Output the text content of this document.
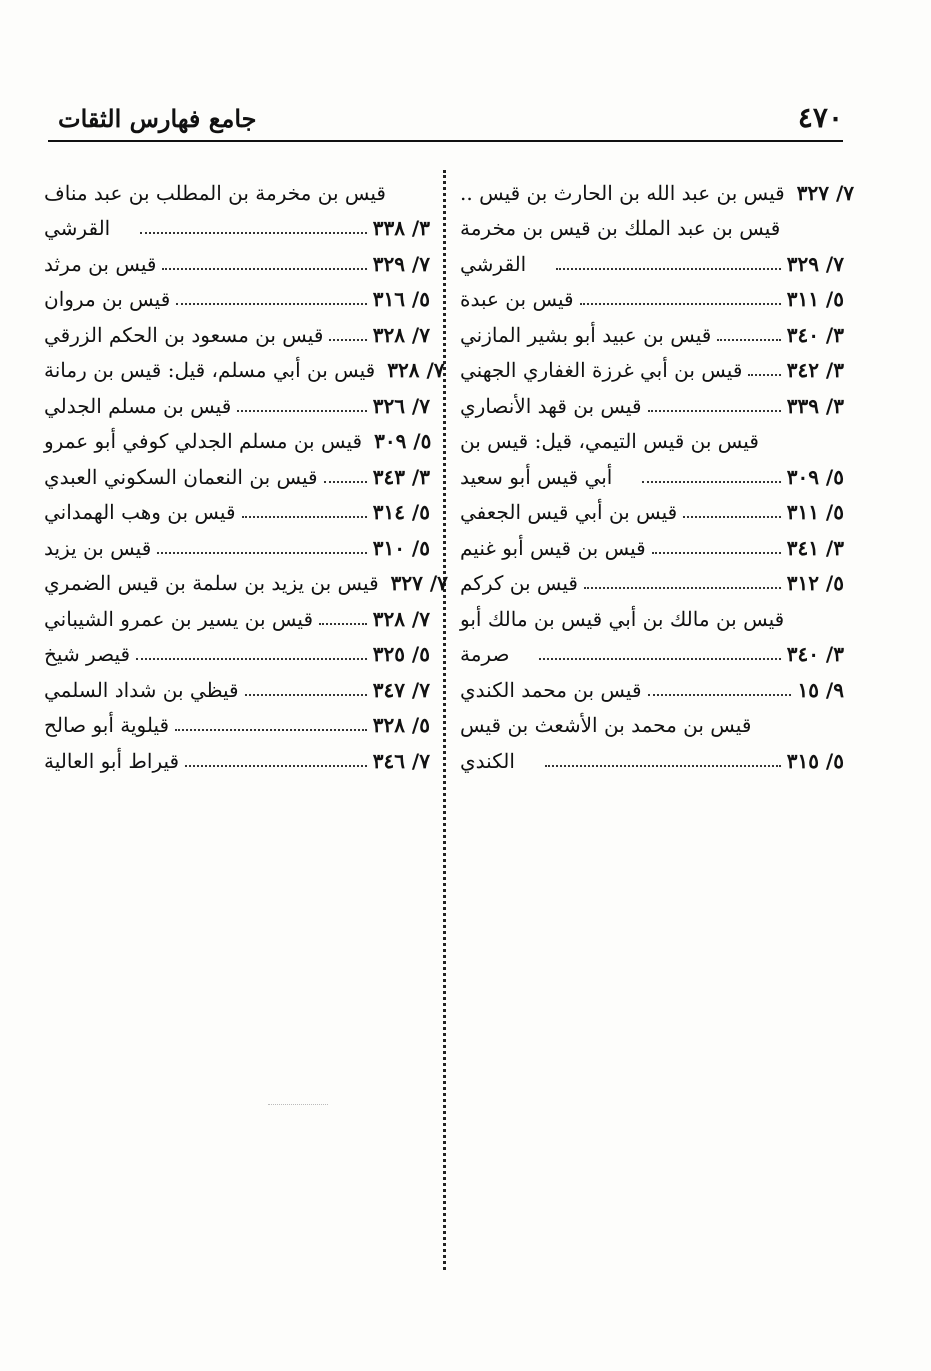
٤٧٠
جامع فهارس الثقات
قيس بن عبد الله بن الحارث بن قيس .. ٧/ ٣٢٧
قيس بن عبد الملك بن قيس بن مخرمة
القرشي	٧/ ٣٢٩
قيس بن عبدة	٥/ ٣١١
قيس بن عبيد أبو بشير المازني	٣/ ٣٤٠
قيس بن أبي غرزة الغفاري الجهني ٣/ ٣٤٢
قيس بن قهد الأنصاري	٣/ ٣٣٩
قيس بن قيس التيمي، قيل: قيس بن
أبي قيس أبو سعيد	٥/ ٣٠٩
قيس بن أبي قيس الجعفي	٥/ ٣١١
قيس بن قيس أبو غنيم	٣/ ٣٤١
قيس بن كركم	٥/ ٣١٢
قيس بن مالك بن أبي قيس بن مالك أبو
صرمة	٣/ ٣٤٠
قيس بن محمد الكندي	٩/ ١٥
قيس بن محمد بن الأشعث بن قيس
الكندي	٥/ ٣١٥
قيس بن مخرمة بن المطلب بن عبد مناف
القرشي	٣/ ٣٣٨
قيس بن مرثد	٧/ ٣٢٩
قيس بن مروان	٥/ ٣١٦
قيس بن مسعود بن الحكم الزرقي ٧/ ٣٢٨
قيس بن أبي مسلم، قيل: قيس بن رمانة ٧/ ٣٢٨
قيس بن مسلم الجدلي	٧/ ٣٢٦
قيس بن مسلم الجدلي كوفي أبو عمرو ٥/ ٣٠٩
قيس بن النعمان السكوني العبدي	٣/ ٣٤٣
قيس بن وهب الهمداني	٥/ ٣١٤
قيس بن يزيد	٥/ ٣١٠
قيس بن يزيد بن سلمة بن قيس الضمري ٧/ ٣٢٧
قيس بن يسير بن عمرو الشيباني	٧/ ٣٢٨
قيصر شيخ	٥/ ٣٢٥
قيظي بن شداد السلمي	٧/ ٣٤٧
قيلوية أبو صالح	٥/ ٣٢٨
قيراط أبو العالية	٧/ ٣٤٦
